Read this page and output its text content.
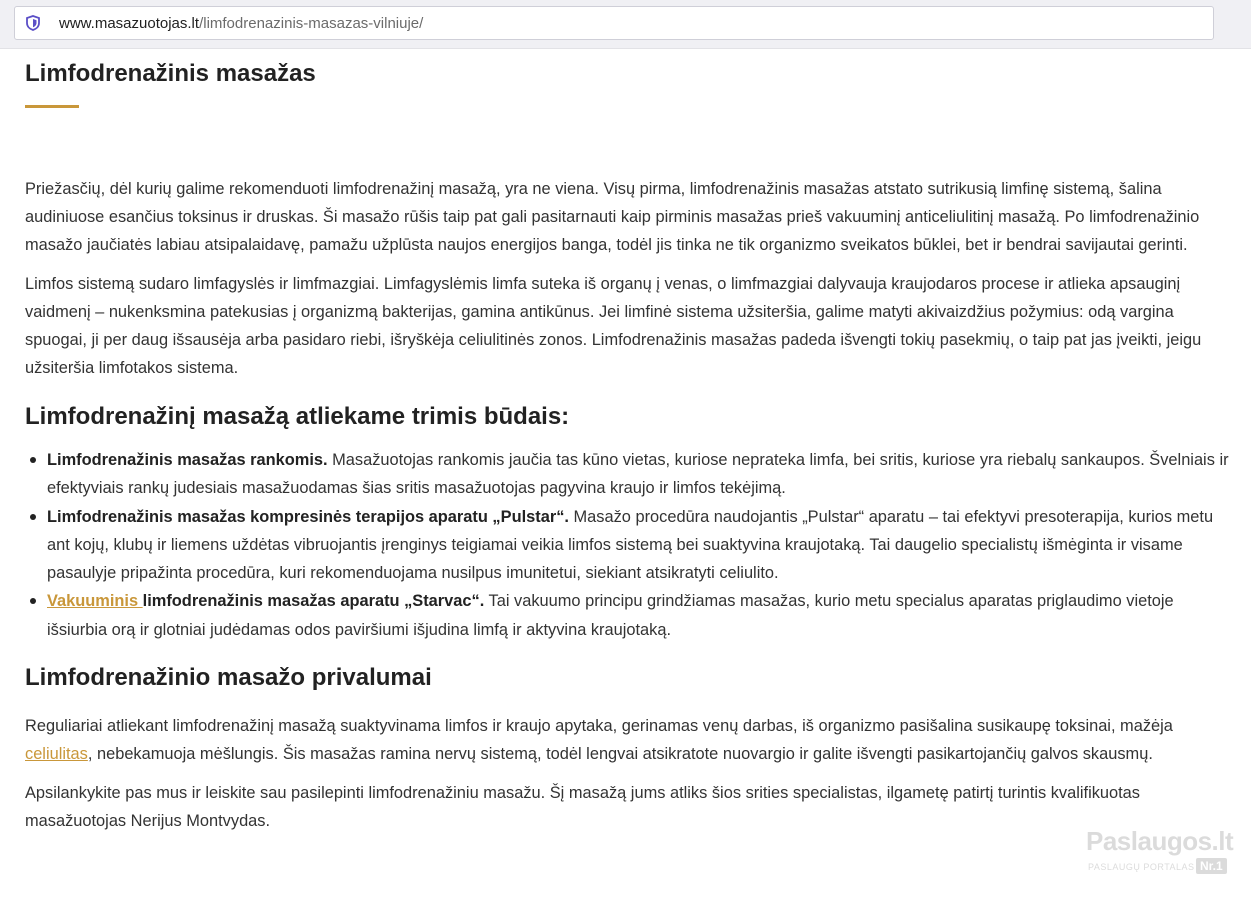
www.masazuotojas.lt/limfodrenazinis-masazas-vilniuje/
Limfodrenažinis masažas

Priežasčių, dėl kurių galime rekomenduoti limfodrenažinį masažą, yra ne viena. Visų pirma, limfodrenažinis masažas atstato sutrikusią limfinę sistemą, šalina audiniuose esančius toksinus ir druskas. Ši masažo rūšis taip pat gali pasitarnauti kaip pirminis masažas prieš vakuuminį anticeliulitinį masažą. Po limfodrenažinio masažo jaučiatės labiau atsipalaidavę, pamažu užplūsta naujos energijos banga, todėl jis tinka ne tik organizmo sveikatos būklei, bet ir bendrai savijautai gerinti.

Limfos sistemą sudaro limfagyslės ir limfmazgiai. Limfagyslėmis limfa suteka iš organų į venas, o limfmazgiai dalyvauja kraujodaros procese ir atlieka apsauginį vaidmenį – nukenksmina patekusias į organizmą bakterijas, gamina antikūnus. Jei limfinė sistema užsiteršia, galime matyti akivaizdžius požymius: odą vargina spuogai, ji per daug išsausėja arba pasidaro riebi, išryškėja celiulitinės zonos. Limfodrenažinis masažas padeda išvengti tokių pasekmių, o taip pat jas įveikti, jeigu užsiteršia limfotakos sistema.

Limfodrenažinį masažą atliekame trimis būdais:
Limfodrenažinis masažas rankomis. Masažuotojas rankomis jaučia tas kūno vietas, kuriose neprateka limfa, bei sritis, kuriose yra riebalų sankaupos. Švelniais ir efektyviais rankų judesiais masažuodamas šias sritis masažuotojas pagyvina kraujo ir limfos tekėjimą.
Limfodrenažinis masažas kompresinės terapijos aparatu „Pulstar“. Masažo procedūra naudojantis „Pulstar“ aparatu – tai efektyvi presoterapija, kurios metu ant kojų, klubų ir liemens uždėtas vibruojantis įrenginys teigiamai veikia limfos sistemą bei suaktyvina kraujotaką. Tai daugelio specialistų išmėginta ir visame pasaulyje pripažinta procedūra, kuri rekomenduojama nusilpus imunitetui, siekiant atsikratyti celiulito.
Vakuuminis limfodrenažinis masažas aparatu „Starvac“. Tai vakuumo principu grindžiamas masažas, kurio metu specialus aparatas priglaudimo vietoje išsiurbia orą ir glotniai judėdamas odos paviršiumi išjudina limfą ir aktyvina kraujotaką.
Limfodrenažinio masažo privalumai

Reguliariai atliekant limfodrenažinį masažą suaktyvinama limfos ir kraujo apytaka, gerinamas venų darbas, iš organizmo pasišalina susikaupę toksinai, mažėja celiulitas, nebekamuoja mėšlungis. Šis masažas ramina nervų sistemą, todėl lengvai atsikratote nuovargio ir galite išvengti pasikartojančių galvos skausmų.

Apsilankykite pas mus ir leiskite sau pasilepinti limfodrenažiniu masažu. Šį masažą jums atliks šios srities specialistas, ilgametę patirtį turintis kvalifikuotas masažuotojas Nerijus Montvydas.

Paslaugos.lt
PASLAUGŲ PORTALAS Nr.1
